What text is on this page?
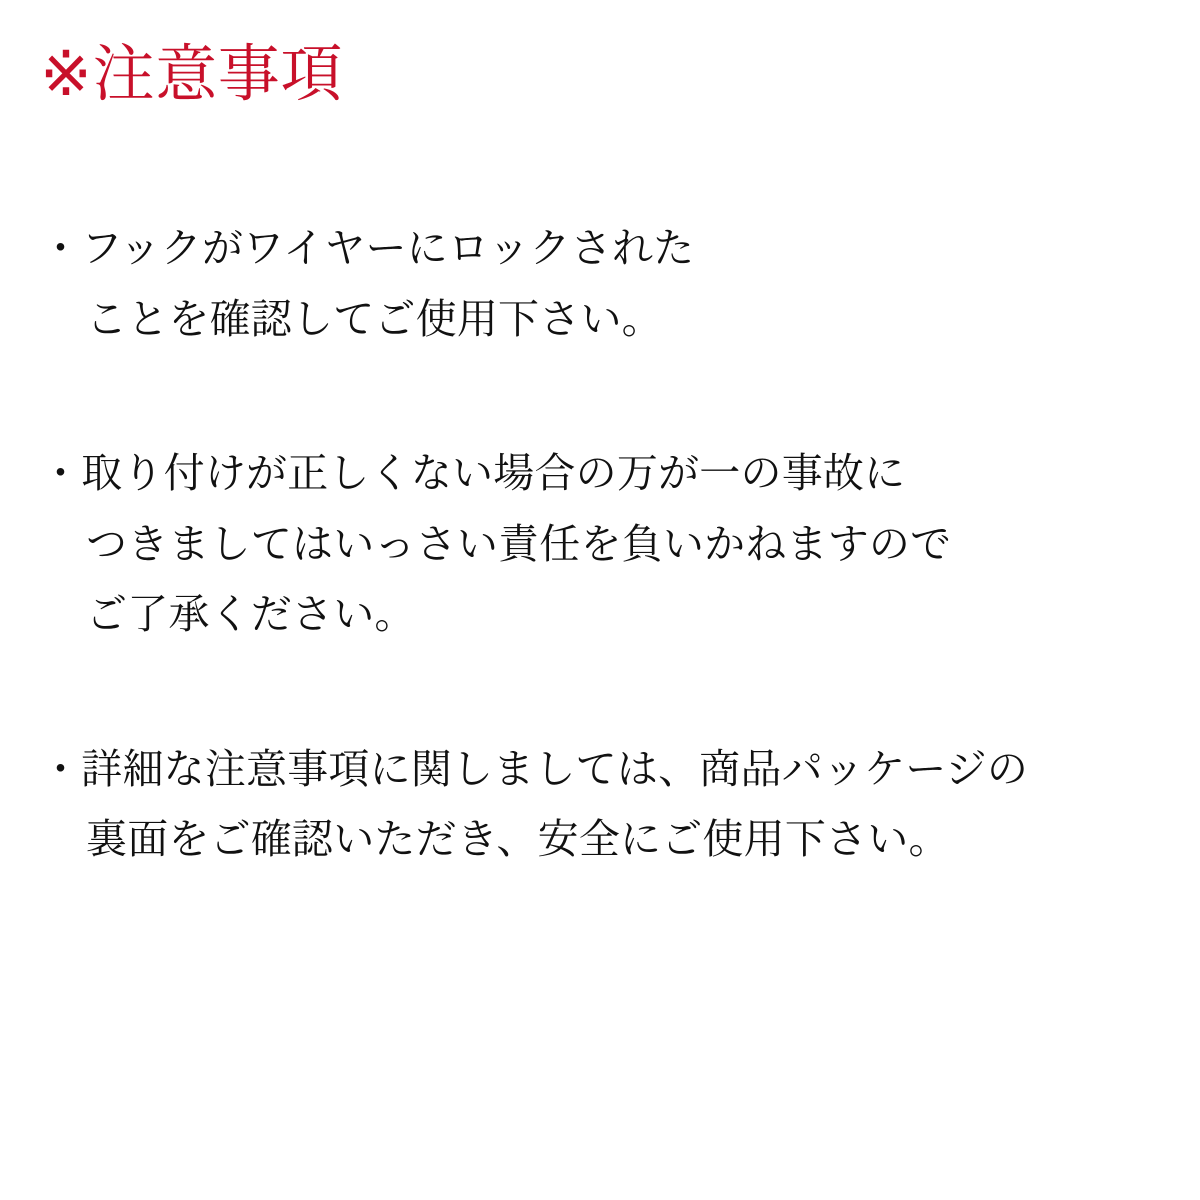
※注意事項
・フックがワイヤーにロックされた
ことを確認してご使用下さい。
・取り付けが正しくない場合の万が一の事故に
つきましてはいっさい責任を負いかねますので
ご了承ください。
・詳細な注意事項に関しましては、商品パッケージの
裏面をご確認いただき、安全にご使用下さい。
